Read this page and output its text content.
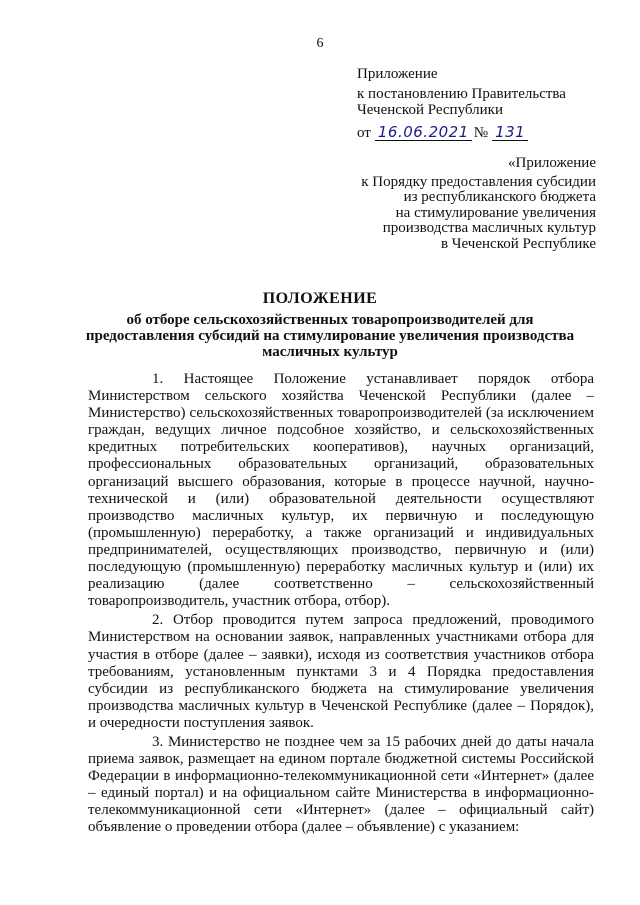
6
Приложение
к постановлению Правительства
Чеченской Республики
от 16.06.2021 № 131
«Приложение
к Порядку предоставления субсидии
из республиканского бюджета
на стимулирование увеличения
производства масличных культур
в Чеченской Республике
ПОЛОЖЕНИЕ
об отборе сельскохозяйственных товаропроизводителей для предоставления субсидий на стимулирование увеличения производства масличных культур

1. Настоящее Положение устанавливает порядок отбора Министерством сельского хозяйства Чеченской Республики (далее – Министерство) сельскохозяйственных товаропроизводителей (за исключением граждан, ведущих личное подсобное хозяйство, и сельскохозяйственных кредитных потребительских кооперативов), научных организаций, профессиональных образовательных организаций, образовательных организаций высшего образования, которые в процессе научной, научно-технической и (или) образовательной деятельности осуществляют производство масличных культур, их первичную и последующую (промышленную) переработку, а также организаций и индивидуальных предпринимателей, осуществляющих производство, первичную и (или) последующую (промышленную) переработку масличных культур и (или) их реализацию (далее соответственно – сельскохозяйственный товаропроизводитель, участник отбора, отбор).

2. Отбор проводится путем запроса предложений, проводимого Министерством на основании заявок, направленных участниками отбора для участия в отборе (далее – заявки), исходя из соответствия участников отбора требованиям, установленным пунктами 3 и 4 Порядка предоставления субсидии из республиканского бюджета на стимулирование увеличения производства масличных культур в Чеченской Республике (далее – Порядок), и очередности поступления заявок.

3. Министерство не позднее чем за 15 рабочих дней до даты начала приема заявок, размещает на едином портале бюджетной системы Российской Федерации в информационно-телекоммуникационной сети «Интернет» (далее – единый портал) и на официальном сайте Министерства в информационно-телекоммуникационной сети «Интернет» (далее – официальный сайт) объявление о проведении отбора (далее – объявление) с указанием:
